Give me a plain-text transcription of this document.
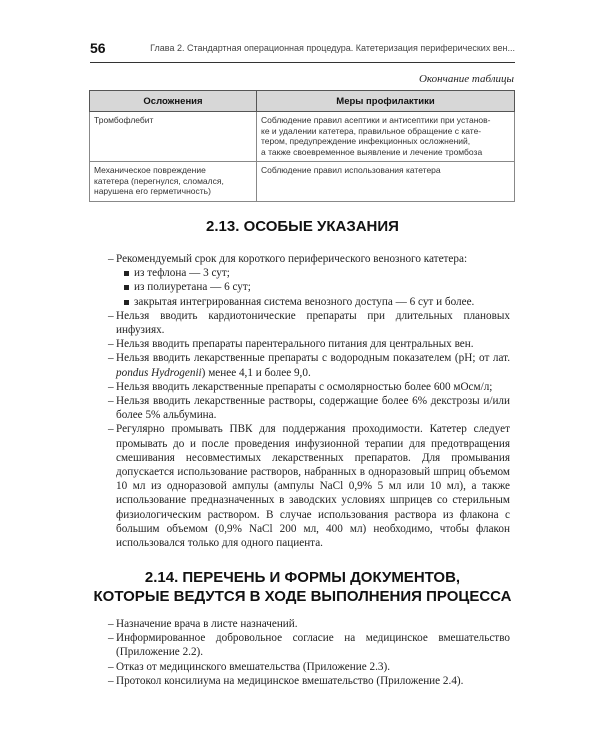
56	Глава 2. Стандартная операционная процедура. Катетеризация периферических вен...
Окончание таблицы
Осложнения	Меры профилактики
Тромбофлебит	Соблюдение правил асептики и антисептики при установ-
ке и удалении катетера, правильное обращение с кате-
тером, предупреждение инфекционных осложнений,
а также своевременное выявление и лечение тромбоза
Механическое повреждение
катетера (перегнулся, сломался,
нарушена его герметичность)	Соблюдение правил использования катетера
2.13. ОСОБЫЕ УКАЗАНИЯ
– Рекомендуемый срок для короткого периферического венозного катетера:
из тефлона — 3 сут;
из полиуретана — 6 сут;
закрытая интегрированная система венозного доступа — 6 сут и более.
– Нельзя вводить кардиотонические препараты при длительных плановых инфузиях.
– Нельзя вводить препараты парентерального питания для центральных вен.
– Нельзя вводить лекарственные препараты с водородным показателем (pH; от лат. pondus Hydrogenii) менее 4,1 и более 9,0.
– Нельзя вводить лекарственные препараты с осмолярностью более 600 мОсм/л;
– Нельзя вводить лекарственные растворы, содержащие более 6% декстрозы и/или более 5% альбумина.
– Регулярно промывать ПВК для поддержания проходимости. Катетер следует промывать до и после проведения инфузионной терапии для предотвращения смешивания несовместимых лекарственных препаратов. Для промывания допускается использование растворов, набранных в одноразовый шприц объемом 10 мл из одноразовой ампулы (ампулы NaCl 0,9% 5 мл или 10 мл), а также использование предназначенных в заводских условиях шприцев со стерильным физиологическим раствором. В случае использования раствора из флакона с большим объемом (0,9% NaCl 200 мл, 400 мл) необходимо, чтобы флакон использовался только для одного пациента.
2.14. ПЕРЕЧЕНЬ И ФОРМЫ ДОКУМЕНТОВ,
КОТОРЫЕ ВЕДУТСЯ В ХОДЕ ВЫПОЛНЕНИЯ ПРОЦЕССА
– Назначение врача в листе назначений.
– Информированное добровольное согласие на медицинское вмешательство (Приложение 2.2).
– Отказ от медицинского вмешательства (Приложение 2.3).
– Протокол консилиума на медицинское вмешательство (Приложение 2.4).
